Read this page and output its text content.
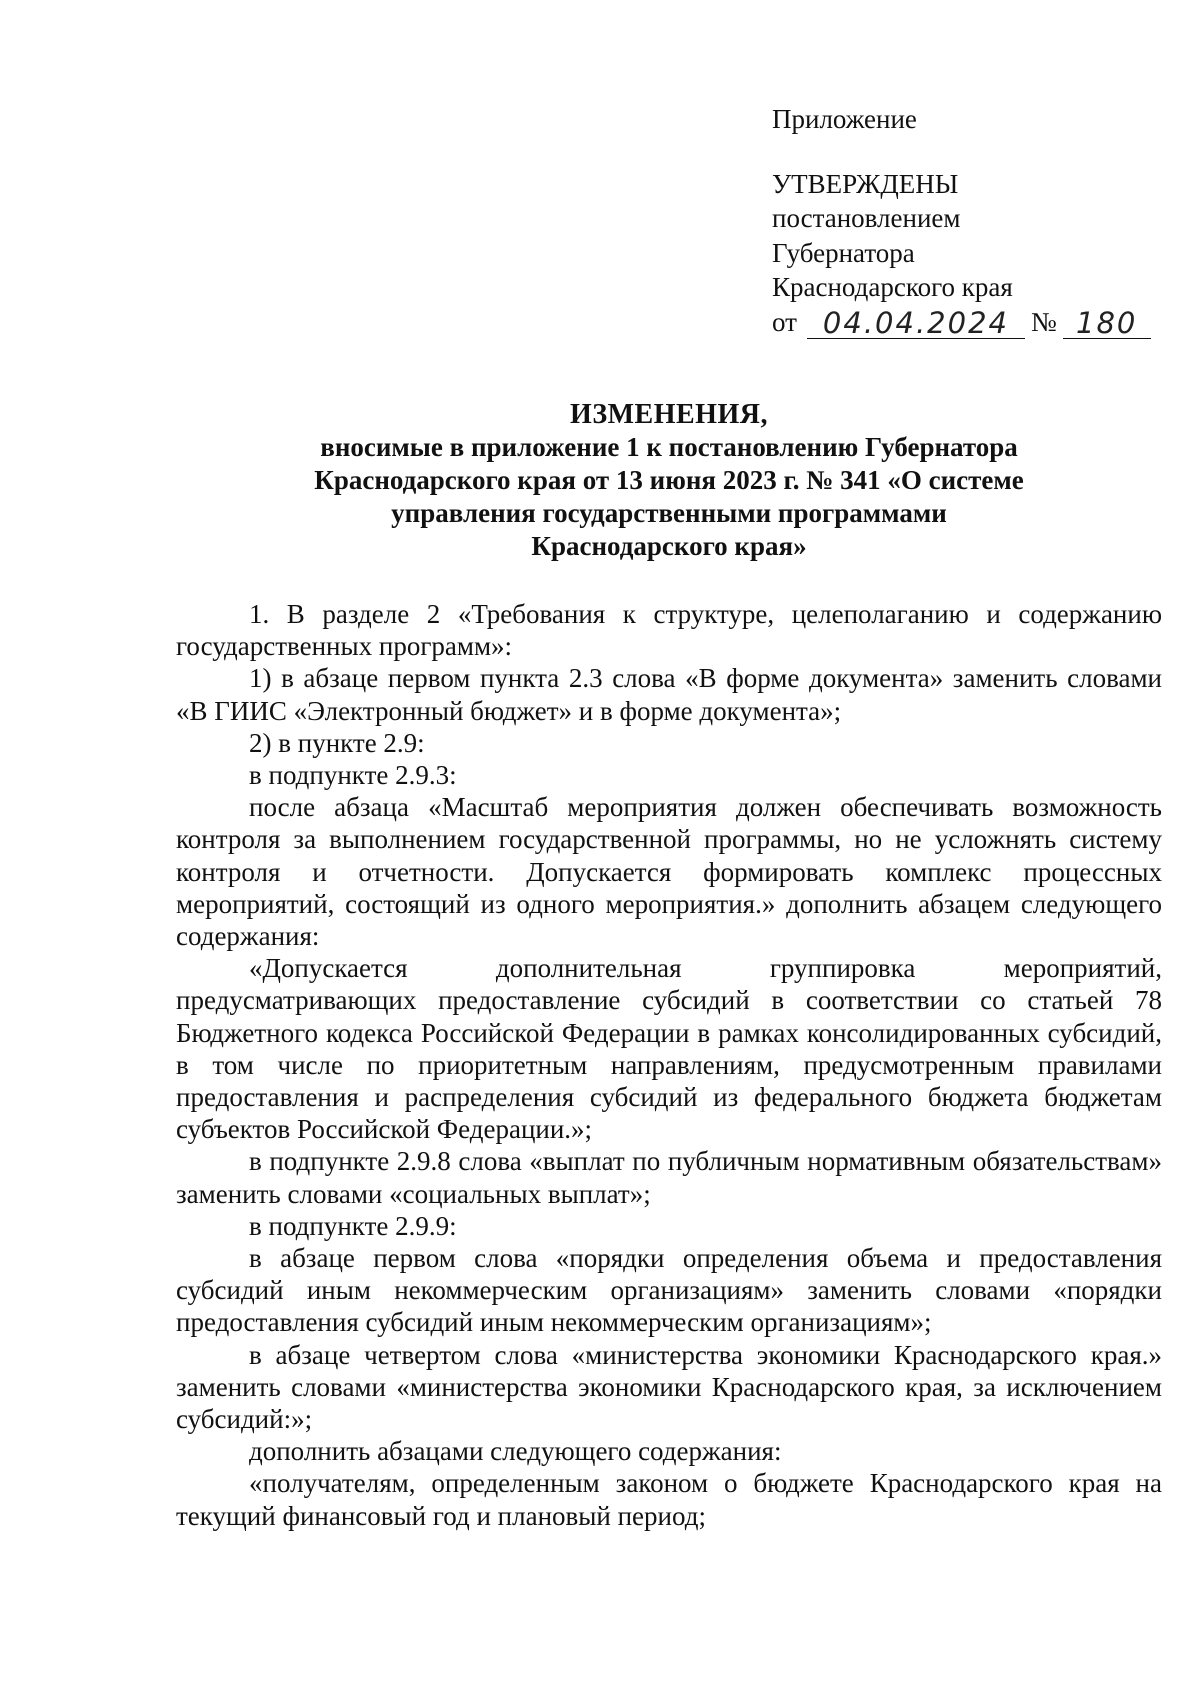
Приложение
УТВЕРЖДЕНЫ
постановлением
Губернатора
Краснодарского края
от 04.04.2024 № 180
ИЗМЕНЕНИЯ,
вносимые в приложение 1 к постановлению Губернатора
Краснодарского края от 13 июня 2023 г. № 341 «О системе
управления государственными программами
Краснодарского края»

1. В разделе 2 «Требования к структуре, целеполаганию и содержанию государственных программ»:

1) в абзаце первом пункта 2.3 слова «В форме документа» заменить словами «В ГИИС «Электронный бюджет» и в форме документа»;

2) в пункте 2.9:

в подпункте 2.9.3:

после абзаца «Масштаб мероприятия должен обеспечивать возможность контроля за выполнением государственной программы, но не усложнять систему контроля и отчетности. Допускается формировать комплекс процессных мероприятий, состоящий из одного мероприятия.» дополнить абзацем следующего содержания:

«Допускается дополнительная группировка мероприятий, предусматривающих предоставление субсидий в соответствии со статьей 78 Бюджетного кодекса Российской Федерации в рамках консолидированных субсидий, в том числе по приоритетным направлениям, предусмотренным правилами предоставления и распределения субсидий из федерального бюджета бюджетам субъектов Российской Федерации.»;

в подпункте 2.9.8 слова «выплат по публичным нормативным обязательствам» заменить словами «социальных выплат»;

в подпункте 2.9.9:

в абзаце первом слова «порядки определения объема и предоставления субсидий иным некоммерческим организациям» заменить словами «порядки предоставления субсидий иным некоммерческим организациям»;

в абзаце четвертом слова «министерства экономики Краснодарского края.» заменить словами «министерства экономики Краснодарского края, за исключением субсидий:»;

дополнить абзацами следующего содержания:

«получателям, определенным законом о бюджете Краснодарского края на текущий финансовый год и плановый период;
